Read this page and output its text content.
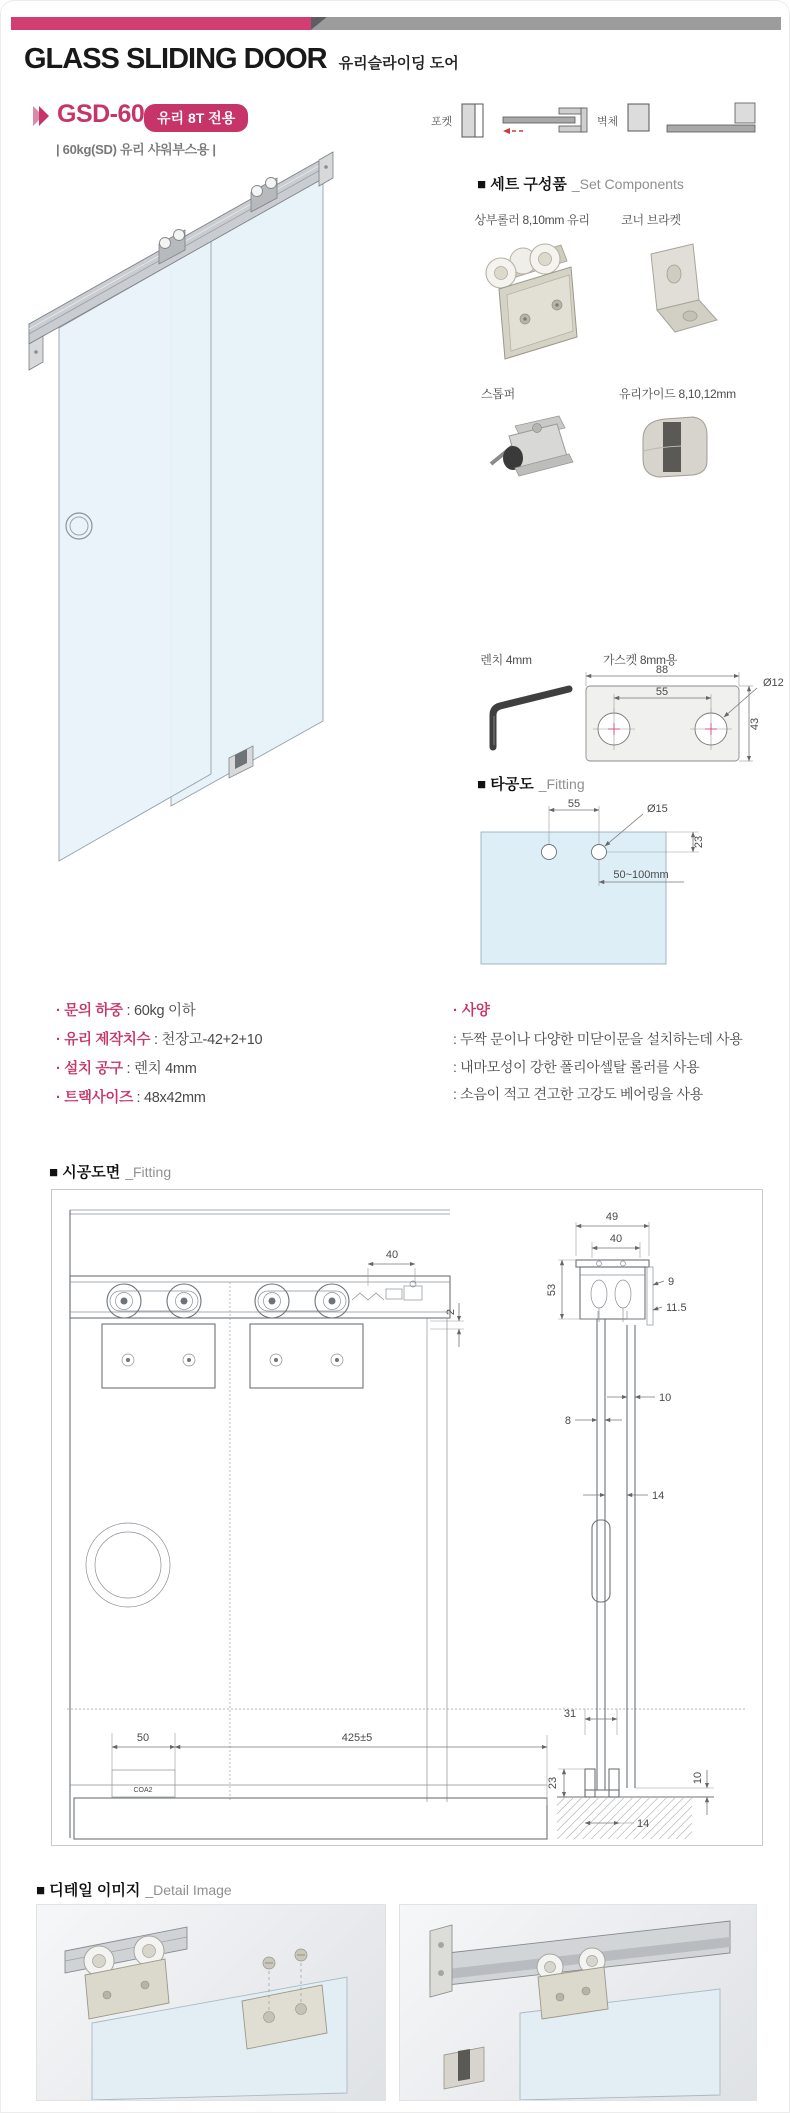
GLASS SLIDING DOOR 유리슬라이딩 도어
GSD-60 유리 8T 전용
| 60kg(SD) 유리 샤워부스용 |
포켓	벽체
■ 세트 구성품 _Set Components
상부롤러 8,10mm 유리	코너 브라켓
스톱퍼	유리가이드 8,10,12mm
렌치 4mm	가스켓 8mm용
88
55
Ø12
43
■ 타공도 _Fitting
55	Ø15
23
50~100mm
· 문의 하중 : 60kg 이하
· 유리 제작치수 : 천장고-42+2+10
· 설치 공구 : 렌치 4mm
· 트랙사이즈 : 48x42mm
· 사양
: 두짝 문이나 다양한 미닫이문을 설치하는데 사용
: 내마모성이 강한 폴리아셀탈 롤러를 사용
: 소음이 적고 견고한 고강도 베어링을 사용
■ 시공도면 _Fitting
COA2
40
2
50	425±5
49
40
53
9
11.5
10
8
14
31
23	10
14
■ 디테일 이미지 _Detail Image
